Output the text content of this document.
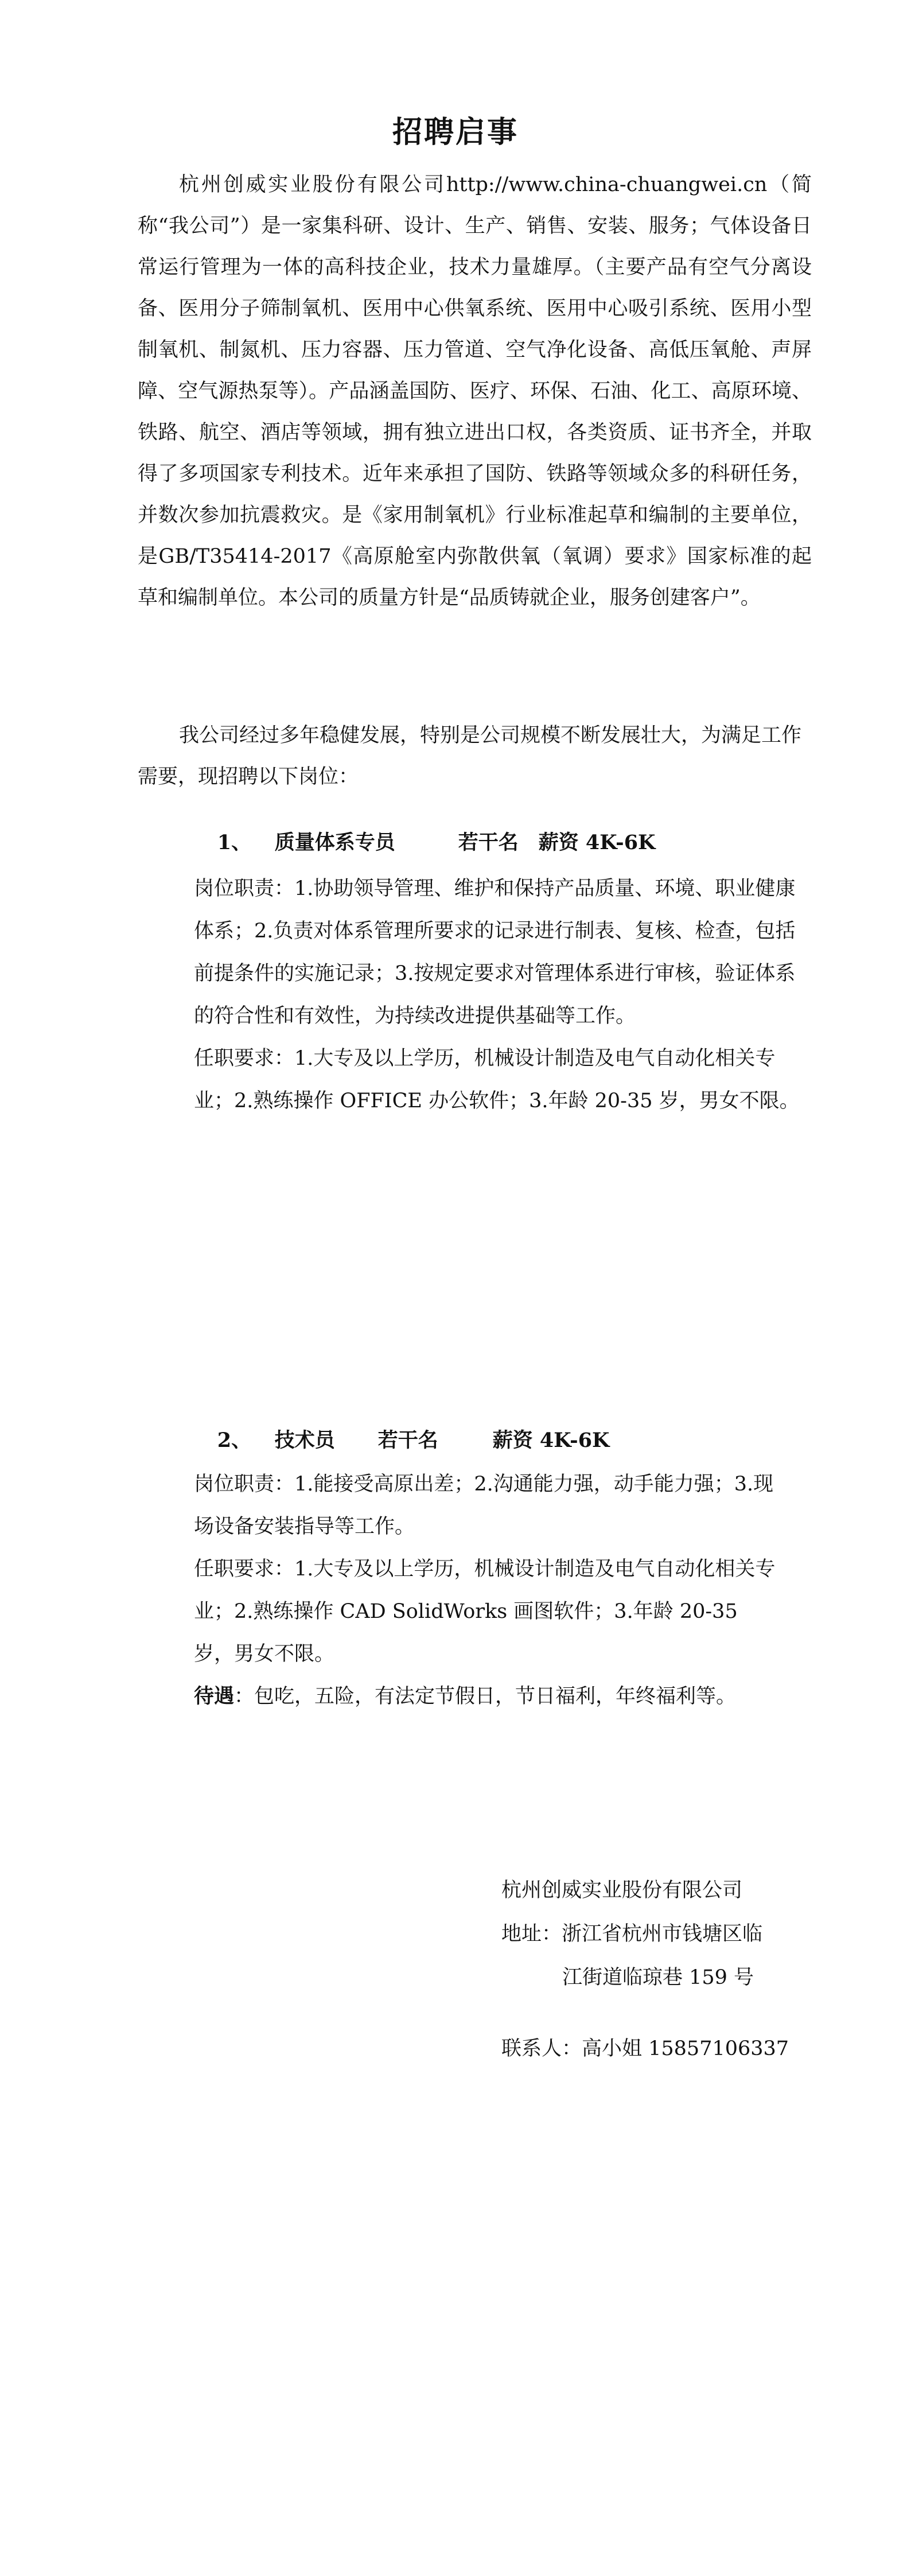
招聘启事

杭州创威实业股份有限公司http://www.china-chuangwei.cn（简称“我公司”）是一家集科研、设计、生产、销售、安装、服务；气体设备日常运行管理为一体的高科技企业，技术力量雄厚。（主要产品有空气分离设备、医用分子筛制氧机、医用中心供氧系统、医用中心吸引系统、医用小型制氧机、制氮机、压力容器、压力管道、空气净化设备、高低压氧舱、声屏障、空气源热泵等）。产品涵盖国防、医疗、环保、石油、化工、高原环境、铁路、航空、酒店等领域，拥有独立进出口权，各类资质、证书齐全，并取得了多项国家专利技术。近年来承担了国防、铁路等领域众多的科研任务，并数次参加抗震救灾。是《家用制氧机》行业标准起草和编制的主要单位，是GB/T35414-2017《高原舱室内弥散供氧（氧调）要求》国家标准的起草和编制单位。本公司的质量方针是“品质铸就企业，服务创建客户”。

我公司经过多年稳健发展，特别是公司规模不断发展壮大，为满足工作需要，现招聘以下岗位：

1、 质量体系专员	若干名 薪资 4K-6K

岗位职责：1.协助领导管理、维护和保持产品质量、环境、职业健康体系；2.负责对体系管理所要求的记录进行制表、复核、检查，包括前提条件的实施记录；3.按规定要求对管理体系进行审核，验证体系的符合性和有效性，为持续改进提供基础等工作。

任职要求：1.大专及以上学历，机械设计制造及电气自动化相关专业；2.熟练操作 OFFICE 办公软件；3.年龄 20-35 岁，男女不限。

2、 技术员 若干名	薪资 4K-6K

岗位职责：1.能接受高原出差；2.沟通能力强，动手能力强；3.现场设备安装指导等工作。

任职要求：1.大专及以上学历，机械设计制造及电气自动化相关专业；2.熟练操作 CAD SolidWorks 画图软件；3.年龄 20-35 岁，男女不限。

待遇：包吃，五险，有法定节假日，节日福利，年终福利等。

杭州创威实业股份有限公司
地址：浙江省杭州市钱塘区临
江街道临琼巷 159 号
联系人：高小姐 15857106337
